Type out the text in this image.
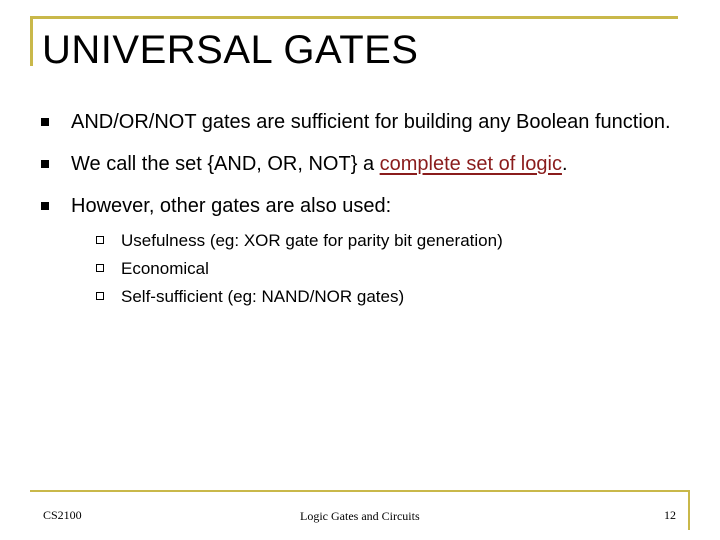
UNIVERSAL GATES
AND/OR/NOT gates are sufficient for building any Boolean function.
We call the set {AND, OR, NOT} a complete set of logic.
However, other gates are also used:
Usefulness (eg: XOR gate for parity bit generation)
Economical
Self-sufficient (eg: NAND/NOR gates)
CS2100	Logic Gates and Circuits	12
